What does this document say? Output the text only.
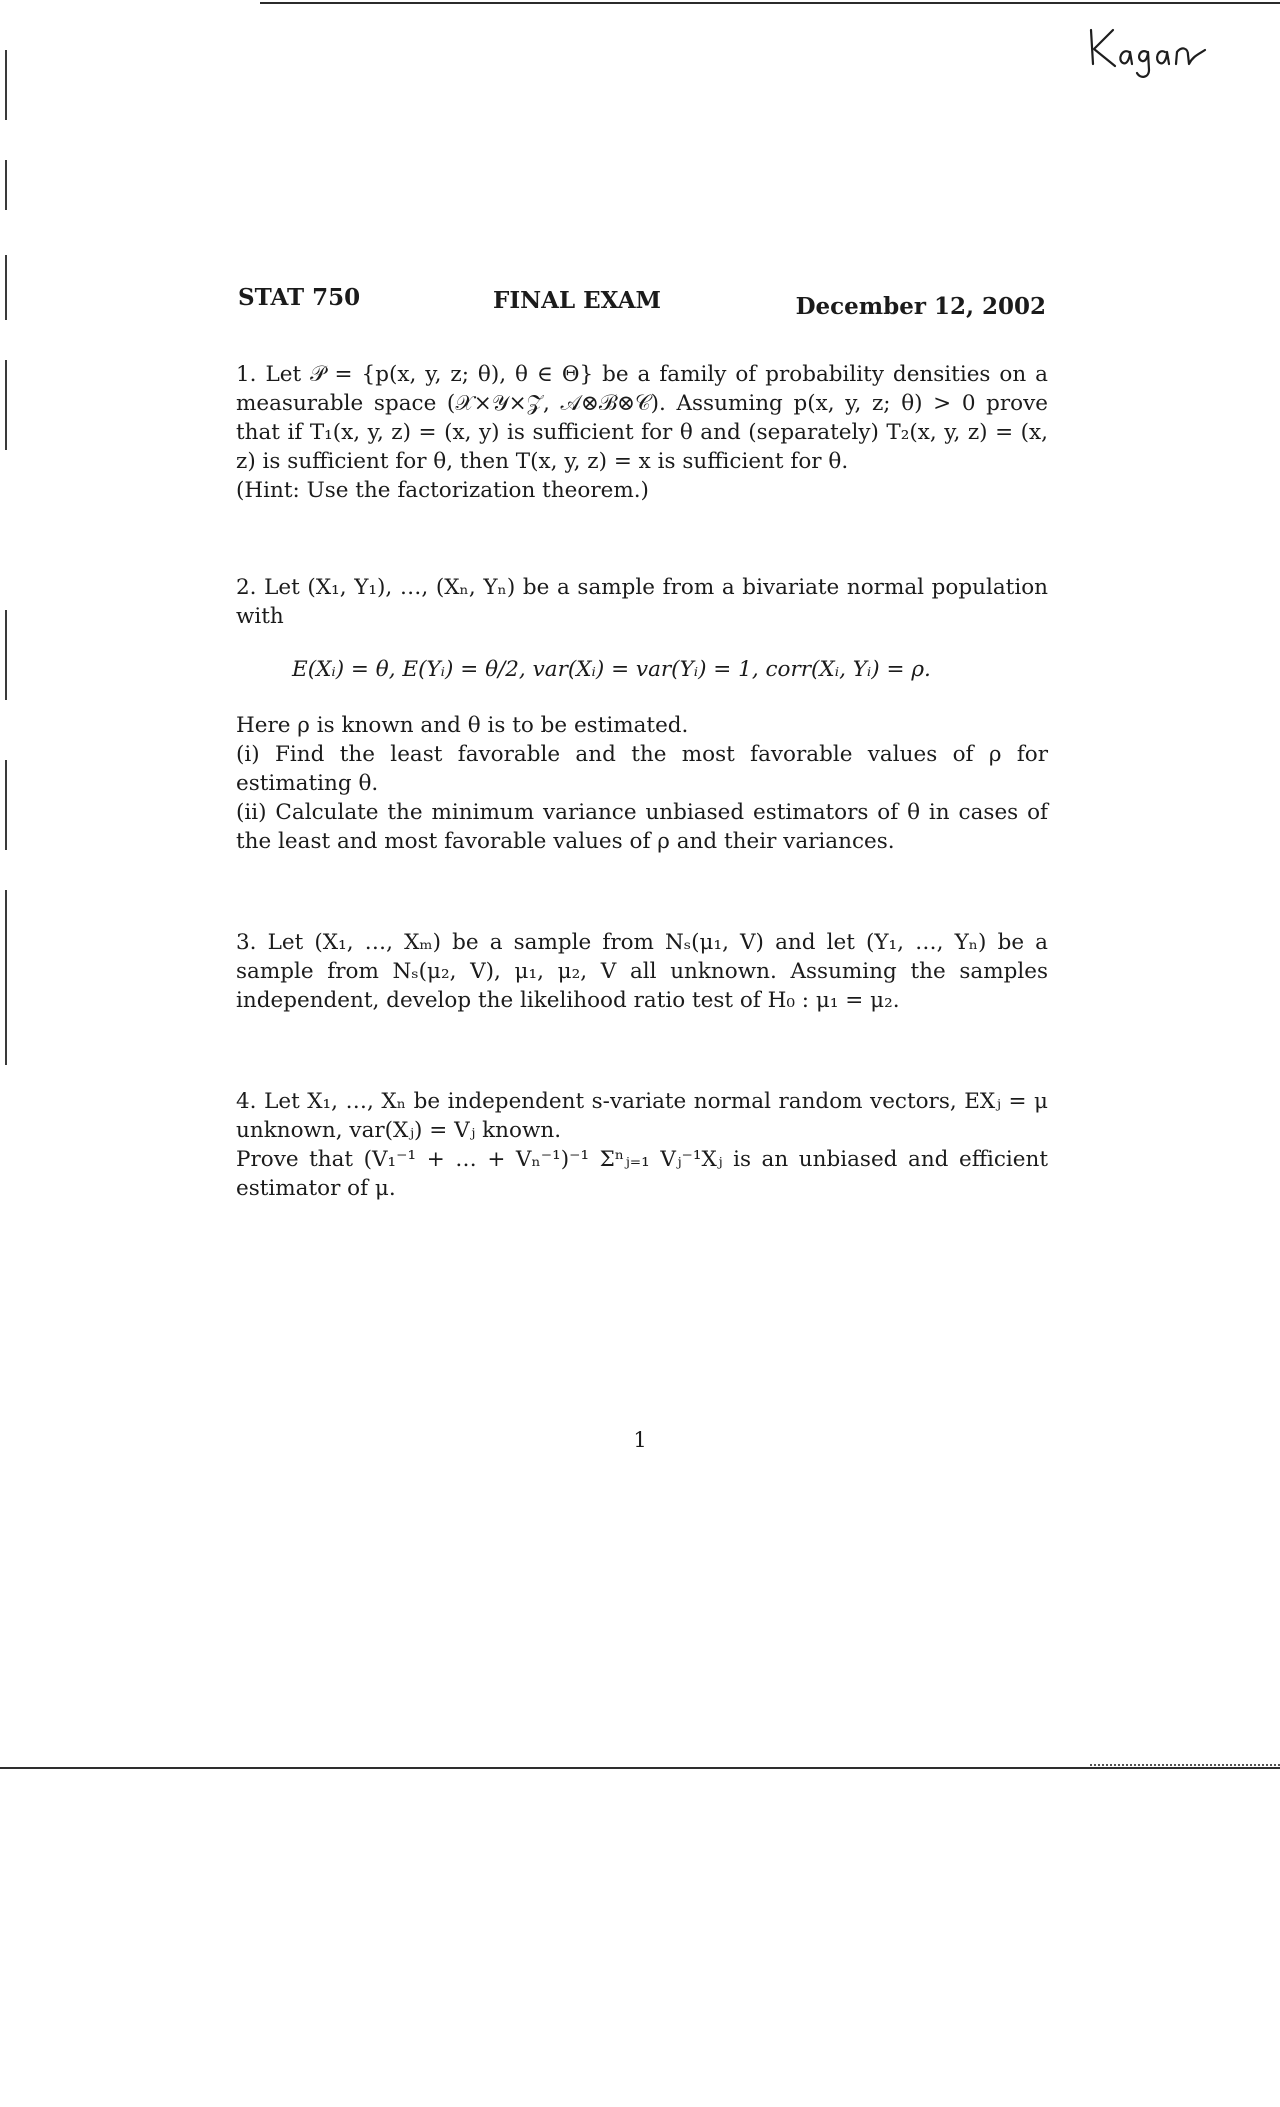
STAT 750	FINAL EXAM	December 12, 2002

1. Let 𝒫 = {p(x, y, z; θ), θ ∈ Θ} be a family of probability densities on a measurable space (𝒳×𝒴×𝒵, 𝒜⊗ℬ⊗𝒞). Assuming p(x, y, z; θ) > 0 prove that if T₁(x, y, z) = (x, y) is sufficient for θ and (separately) T₂(x, y, z) = (x, z) is sufficient for θ, then T(x, y, z) = x is sufficient for θ.

(Hint: Use the factorization theorem.)

2. Let (X₁, Y₁), …, (Xₙ, Yₙ) be a sample from a bivariate normal population with

E(Xᵢ) = θ, E(Yᵢ) = θ/2, var(Xᵢ) = var(Yᵢ) = 1, corr(Xᵢ, Yᵢ) = ρ.

Here ρ is known and θ is to be estimated.

(i) Find the least favorable and the most favorable values of ρ for estimating θ.

(ii) Calculate the minimum variance unbiased estimators of θ in cases of the least and most favorable values of ρ and their variances.

3. Let (X₁, …, Xₘ) be a sample from Nₛ(μ₁, V) and let (Y₁, …, Yₙ) be a sample from Nₛ(μ₂, V), μ₁, μ₂, V all unknown. Assuming the samples independent, develop the likelihood ratio test of H₀ : μ₁ = μ₂.

4. Let X₁, …, Xₙ be independent s-variate normal random vectors, EXⱼ = μ unknown, var(Xⱼ) = Vⱼ known.

Prove that (V₁⁻¹ + … + Vₙ⁻¹)⁻¹ Σⁿⱼ₌₁ Vⱼ⁻¹Xⱼ is an unbiased and efficient estimator of μ.

1
